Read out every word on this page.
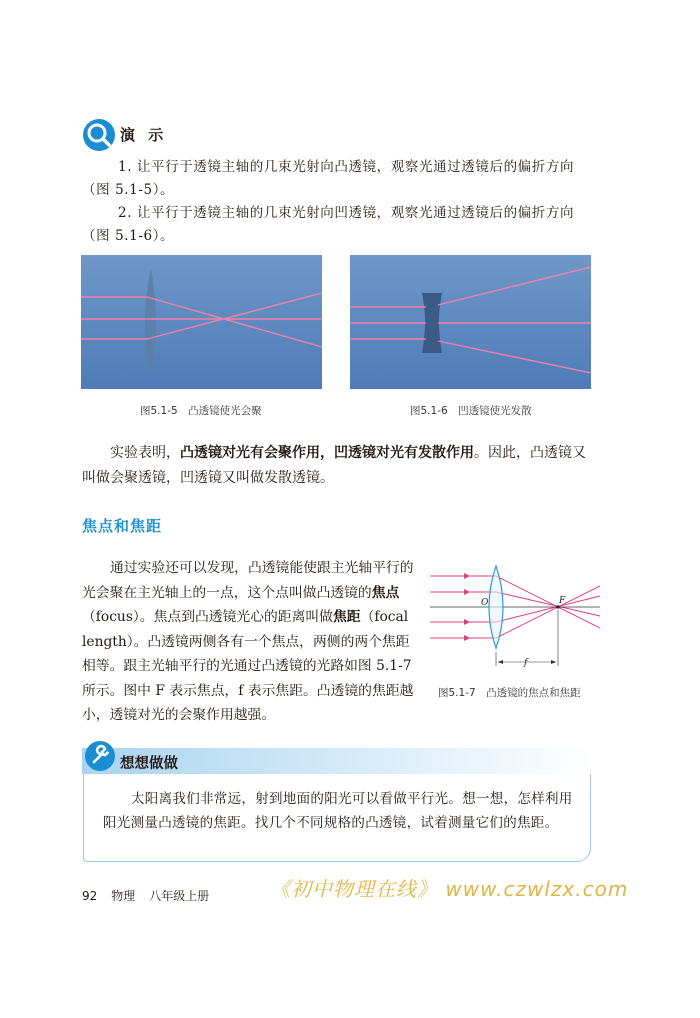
演 示
1. 让平行于透镜主轴的几束光射向凸透镜，观察光通过透镜后的偏折方向（图 5.1-5）。
2. 让平行于透镜主轴的几束光射向凹透镜，观察光通过透镜后的偏折方向（图 5.1-6）。
图5.1-5　凸透镜使光会聚	图5.1-6　凹透镜使光发散
实验表明，凸透镜对光有会聚作用，凹透镜对光有发散作用。因此，凸透镜又叫做会聚透镜，凹透镜又叫做发散透镜。
焦点和焦距
通过实验还可以发现，凸透镜能使跟主光轴平行的光会聚在主光轴上的一点，这个点叫做凸透镜的焦点（focus）。焦点到凸透镜光心的距离叫做焦距（focal length）。凸透镜两侧各有一个焦点，两侧的两个焦距相等。跟主光轴平行的光通过凸透镜的光路如图 5.1-7 所示。图中 F 表示焦点，f 表示焦距。凸透镜的焦距越小，透镜对光的会聚作用越强。
O	F
f
图5.1-7　凸透镜的焦点和焦距
想想做做
太阳离我们非常远，射到地面的阳光可以看做平行光。想一想，怎样利用阳光测量凸透镜的焦距。找几个不同规格的凸透镜，试着测量它们的焦距。
92 物理 八年级上册	《初中物理在线》 www.czwlzx.com
